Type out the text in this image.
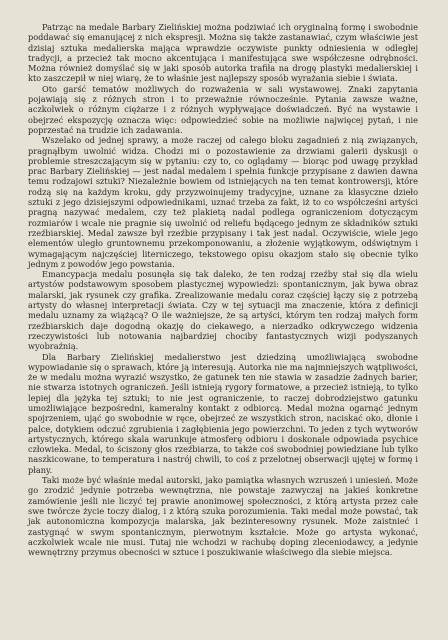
Patrząc na medale Barbary Zielińskiej można podziwiać ich oryginalną formę i swobodnie poddawać się emanującej z nich ekspresji. Można się także zastanawiać, czym właściwie jest dzisiaj sztuka medalierska mająca wprawdzie oczywiste punkty odniesienia w odległej tradycji, a przecież tak mocno akcentująca i manifestująca swe współczesne odrębności. Można również domyślać się w jaki sposób autorka trafiła na drogę plastyki medalierskiej i kto zaszczepił w niej wiarę, że to właśnie jest najlepszy sposób wyrażania siebie i świata.

Oto garść tematów możliwych do rozważenia w sali wystawowej. Znaki zapytania pojawiają się z różnych stron i to przeważnie równocześnie. Pytania zawsze ważne, aczkolwiek o różnym ciężarze i z różnych wypływające doświadczeń. Być na wystawie i obejrzeć ekspozycję oznacza więc: odpowiedzieć sobie na możliwie najwięcej pytań, i nie poprzestać na trudzie ich zadawania.

Wszelako od jednej sprawy, a może raczej od całego bloku zagadnień z nią związanych, pragnąłbym uwolnić widza. Chodzi mi o pozostawienie za drzwiami galerii dyskusji o problemie streszczającym się w pytaniu: czy to, co oglądamy — biorąc pod uwagę przykład prac Barbary Zielińskiej — jest nadal medalem i spełnia funkcje przypisane z dawien dawna temu rodzajowi sztuki? Niezależnie bowiem od istniejących na ten temat kontrowersji, które rodzą się na każdym kroku, gdy przyzwoinujemy tradycyjne, uznane za klasyczne dzieło sztuki z jego dzisiejszymi odpowiednikami, uznać trzeba za fakt, iż to co współcześni artyści pragną nazywać medalem, czy też plakietą nadal podlega ograniczeniom dotyczącym rozmiarów i wcale nie pragnie się uwolnić od reliefu będącego jednym ze składników sztuki rzeźbiarskiej. Medal zawsze był rzeźbie przypisany i tak jest nadal. Oczywiście, wiele jego elementów uległo gruntownemu przekomponowaniu, a złożenie wyjątkowym, odświętnym i wymagającym najczęściej literniczego, tekstowego opisu okazjom stało się obecnie tylko jednym z powodów jego powstania.

Emancypacja medalu posunęła się tak daleko, że ten rodzaj rzeźby stał się dla wielu artystów podstawowym sposobem plastycznej wypowiedzi: spontanicznym, jak bywa obraz malarski, jak rysunek czy grafika. Zrealizowanie medalu coraz częściej łączy się z potrzebą artysty do własnej interpretacji świata. Czy w tej sytuacji ma znaczenie, która z definicji medalu uznamy za wiążącą? O ile ważniejsze, że są artyści, którym ten rodzaj małych form rzeźbiarskich daje dogodną okazję do ciekawego, a nierzadko odkrywczego widzenia rzeczywistości lub notowania najbardziej chociby fantastycznych wizji podyszanych wyobraźnią.

Dla Barbary Zielińskiej medalierstwo jest dziedziną umożliwiającą swobodne wypowiadanie się o sprawach, które ją interesują. Autorka nie ma najmniejszych wątpliwości, że w medalu można wyrazić wszystko, że gatunek ten nie stawia w zasadzie żadnych barier, nie stwarza istotnych ograniczeń. Jeśli istnieją rygory formatowe, a przecież istnieją, to tylko lepiej dla jężyka tej sztuki; to nie jest ograniczenie, to raczej dobrodziejstwo gatunku umożliwiające bezpośredni, kameralny kontakt z odbiorcą. Medal można ogarnąć jednym spojrzeniem, ująć go swobodnie w ręce, obejrzeć ze wszystkich stron, naciskać oko, dłonie i palce, dotykiem odczuć zgrubienia i zagłębienia jego powierzchni. To jeden z tych wytworów artystycznych, którego skala warunkuje atmosferę odbioru i doskonale odpowiada psychice człowieka. Medal, to ściszony głos rzeźbiarza, to także coś swobodniej powiedziane lub tylko naszkicowane, to temperatura i nastrój chwili, to coś z przelotnej obserwacji ujętej w formę i płany.

Taki może być właśnie medal autorski, jako pamiątka własnych wzruszeń i uniesień. Może go zrodzić jedynie potrzeba wewnętrzna, nie powstaje zazwyczaj na jakieś konkretne zamówienie jeśli nie liczyć tej prawie anonimowej społeczności, z którą artysta przez całe swe twórcze życie toczy dialog, i z którą szuka porozumienia. Taki medal może powstać, tak jak autonomiczna kompozycja malarska, jak bezinteresowny rysunek. Może zaistnieć i zastygnąć w swym spontanicznym, pierwotnym kształcie. Może go artysta wykonać, aczkolwiek wcale nie musi. Tutaj nie wchodzi w rachubę doping zleceniodawcy, a jedynie wewnętrzny przymus obecności w sztuce i poszukiwanie właściwego dla siebie miejsca.
